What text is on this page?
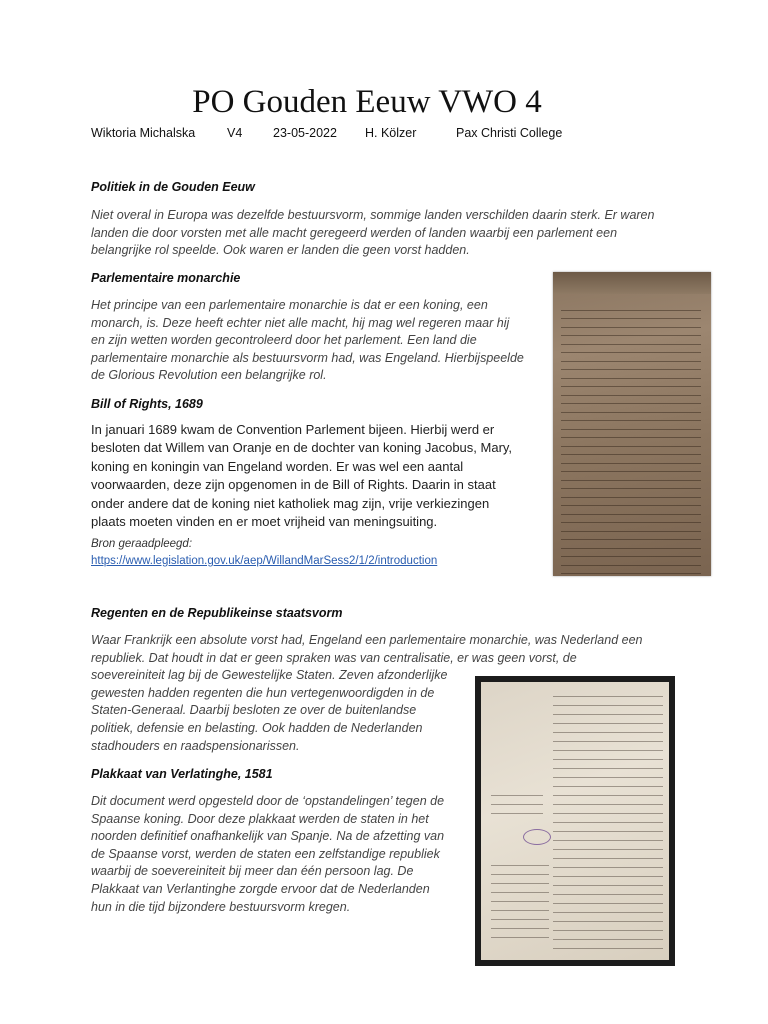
PO Gouden Eeuw VWO 4
Wiktoria Michalska	V4	23-05-2022	H. Kölzer	Pax Christi College
Politiek in de Gouden Eeuw
Niet overal in Europa was dezelfde bestuursvorm, sommige landen verschilden daarin sterk. Er waren
landen die door vorsten met alle macht geregeerd werden of landen waarbij een parlement een
belangrijke rol speelde. Ook waren er landen die geen vorst hadden.
Parlementaire monarchie
Het principe van een parlementaire monarchie is dat er een koning, een
monarch, is. Deze heeft echter niet alle macht, hij mag wel regeren maar hij
en zijn wetten worden gecontroleerd door het parlement. Een land die
parlementaire monarchie als bestuursvorm had, was Engeland. Hierbijspeelde
de Glorious Revolution een belangrijke rol.
Bill of Rights, 1689
In januari 1689 kwam de Convention Parlement bijeen. Hierbij werd er
besloten dat Willem van Oranje en de dochter van koning Jacobus, Mary,
koning en koningin van Engeland worden. Er was wel een aantal
voorwaarden, deze zijn opgenomen in de Bill of Rights. Daarin in staat
onder andere dat de koning niet katholiek mag zijn, vrije verkiezingen
plaats moeten vinden en er moet vrijheid van meningsuiting.
Bron geraadpleegd:
https://www.legislation.gov.uk/aep/WillandMarSess2/1/2/introduction
Regenten en de Republikeinse staatsvorm
Waar Frankrijk een absolute vorst had, Engeland een parlementaire monarchie, was Nederland een
republiek. Dat houdt in dat er geen spraken was van centralisatie, er was geen vorst, de
soevereiniteit lag bij de Gewestelijke Staten. Zeven afzonderlijke
gewesten hadden regenten die hun vertegenwoordigden in de
Staten-Generaal. Daarbij besloten ze over de buitenlandse
politiek, defensie en belasting. Ook hadden de Nederlanden
stadhouders en raadspensionarissen.
Plakkaat van Verlatinghe, 1581
Dit document werd opgesteld door de ‘opstandelingen’ tegen de
Spaanse koning. Door deze plakkaat werden de staten in het
noorden definitief onafhankelijk van Spanje. Na de afzetting van
de Spaanse vorst, werden de staten een zelfstandige republiek
waarbij de soevereiniteit bij meer dan één persoon lag. De
Plakkaat van Verlantinghe zorgde ervoor dat de Nederlanden
hun in die tijd bijzondere bestuursvorm kregen.
